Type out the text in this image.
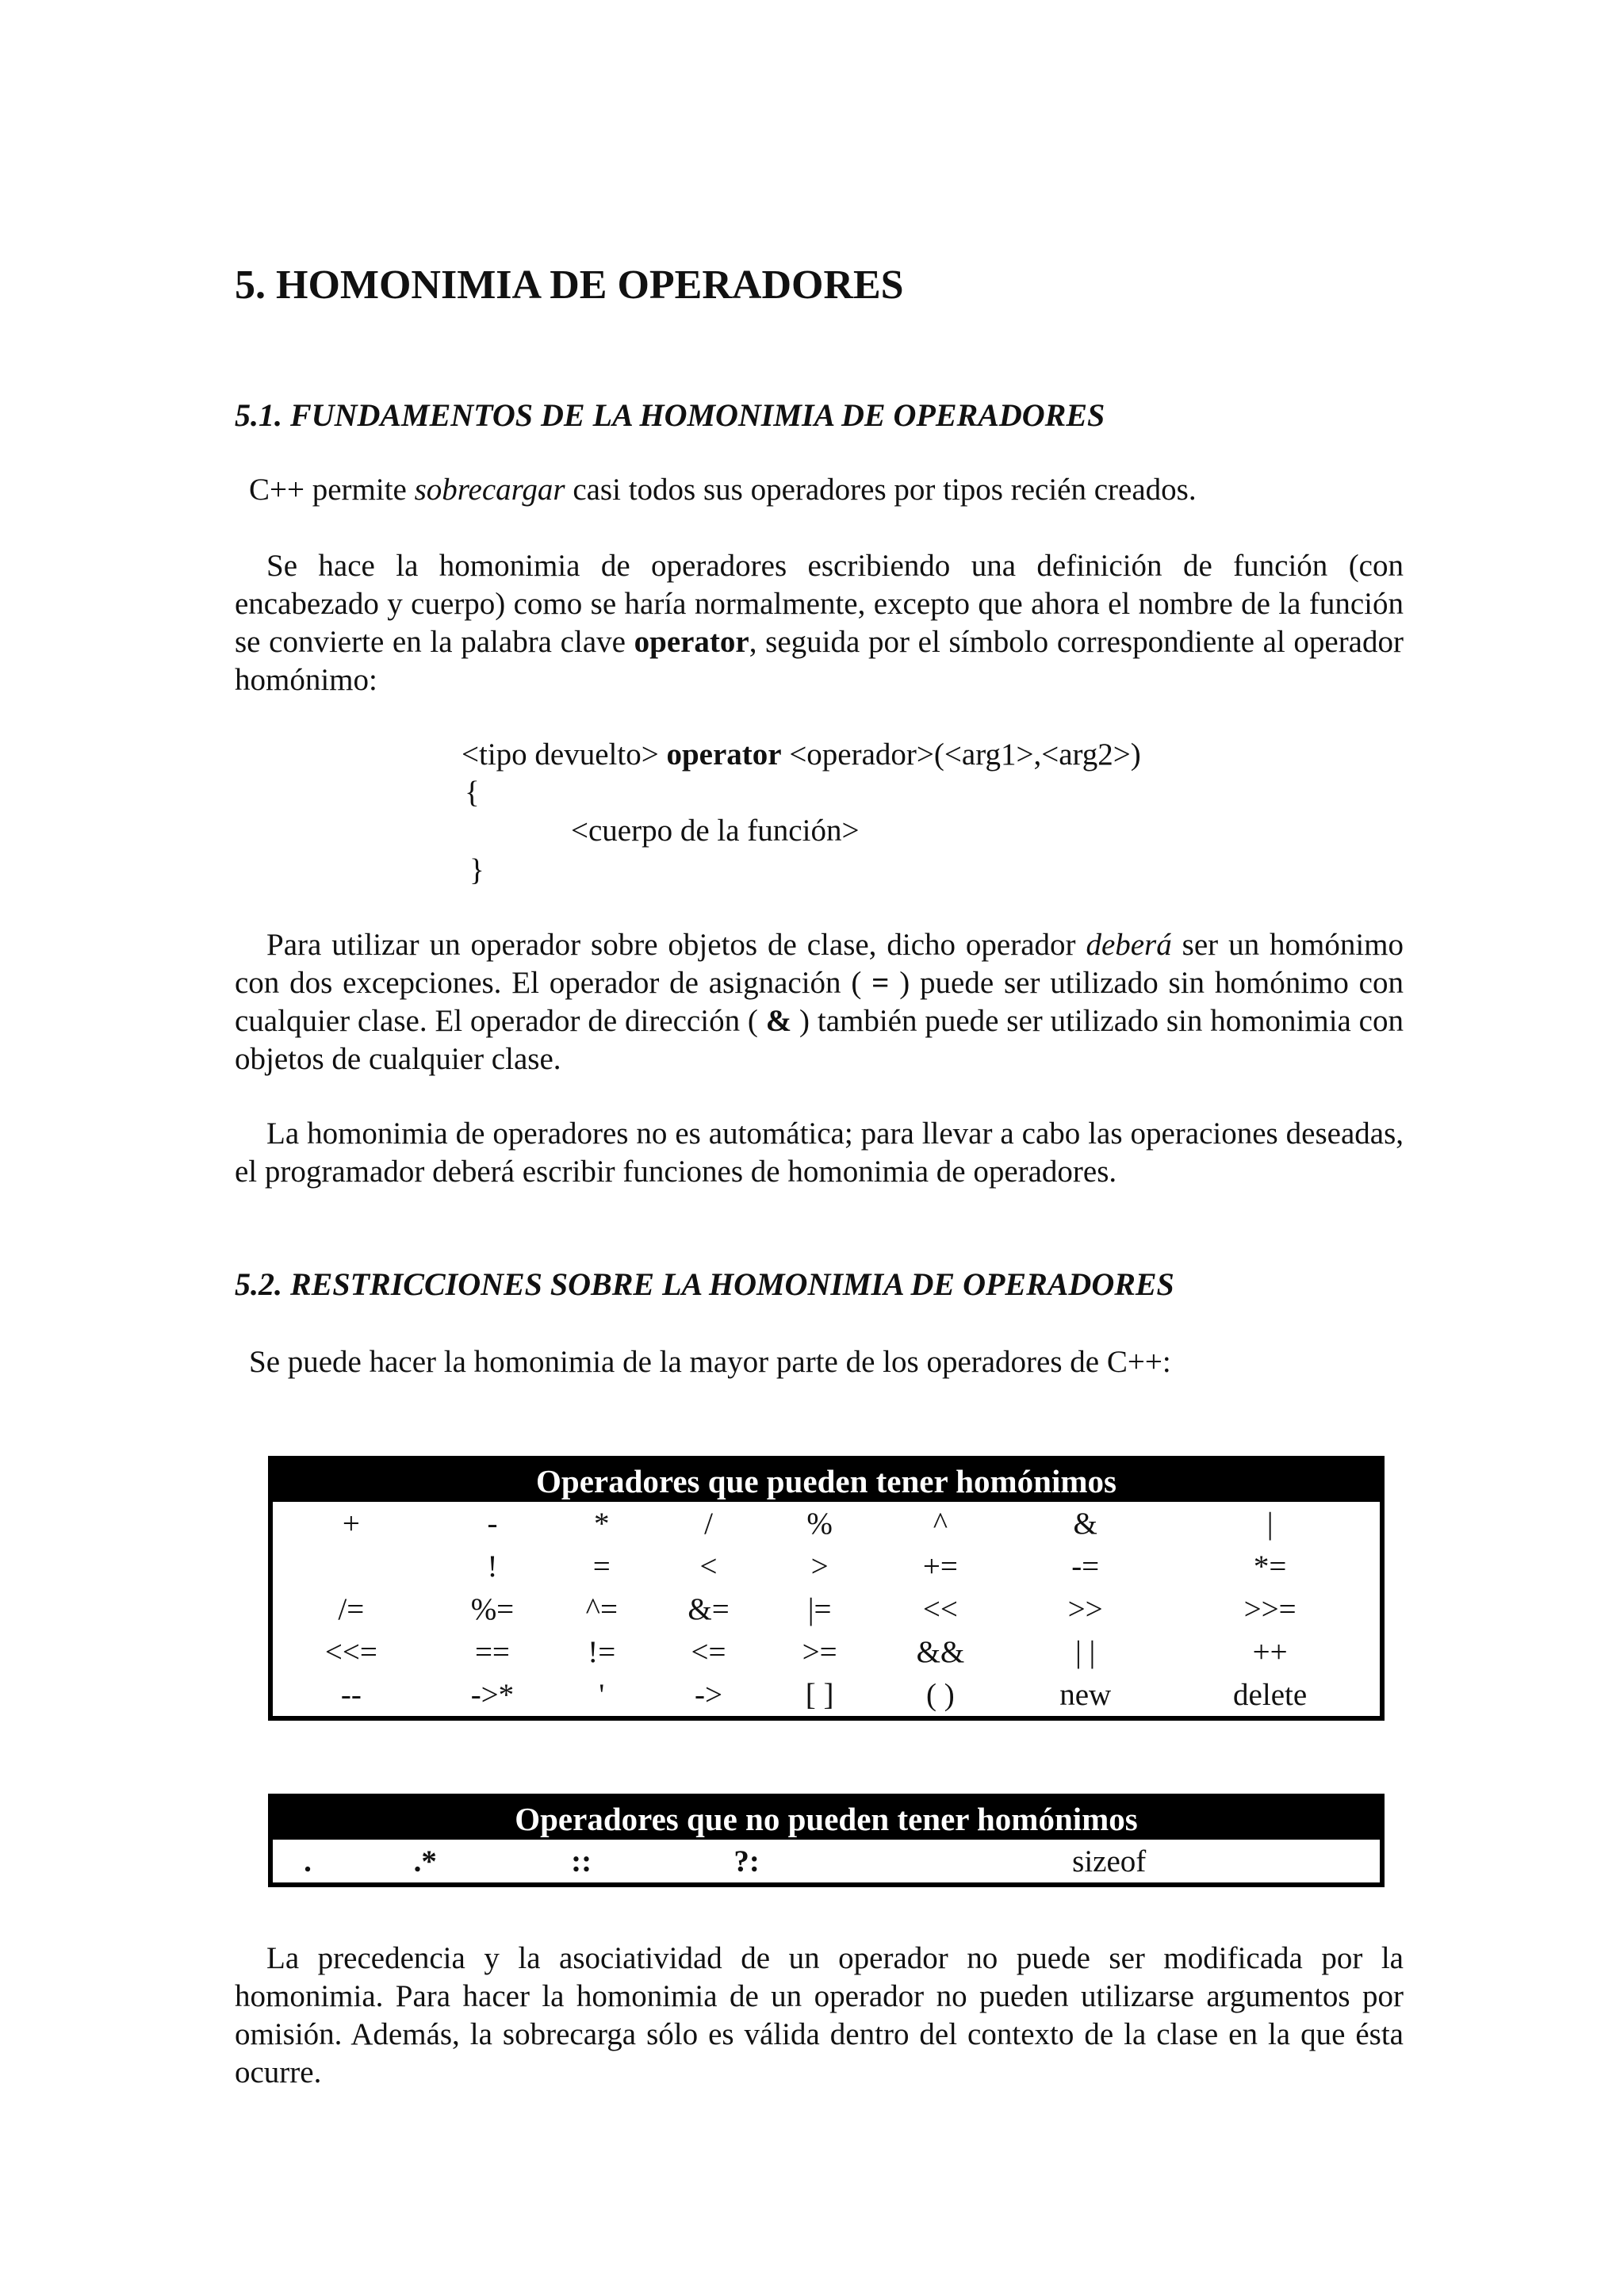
5. HOMONIMIA DE OPERADORES
5.1. FUNDAMENTOS DE LA HOMONIMIA DE OPERADORES

C++ permite sobrecargar casi todos sus operadores por tipos recién creados.

Se hace la homonimia de operadores escribiendo una definición de función (con encabezado y cuerpo) como se haría normalmente, excepto que ahora el nombre de la función se convierte en la palabra clave operator, seguida por el símbolo correspondiente al operador homónimo:

<tipo devuelto> operator <operador>(<arg1>,<arg2>)
{
<cuerpo de la función>
}

Para utilizar un operador sobre objetos de clase, dicho operador deberá ser un homónimo con dos excepciones. El operador de asignación ( = ) puede ser utilizado sin homónimo con cualquier clase. El operador de dirección ( & ) también puede ser utilizado sin homonimia con objetos de cualquier clase.

La homonimia de operadores no es automática; para llevar a cabo las operaciones deseadas, el programador deberá escribir funciones de homonimia de operadores.

5.2. RESTRICCIONES SOBRE LA HOMONIMIA DE OPERADORES

Se puede hacer la homonimia de la mayor parte de los operadores de C++:

Operadores que pueden tener homónimos							
+	-	*	/	%	^	&	|
	!	=	<	>	+=	-=	*=
/=	%=	^=	&=	|=	<<	>>	>>=
<<=	==	!=	<=	>=	&&	| |	++
--	->*	'	->	[ ]	( )	new	delete
Operadores que no pueden tener homónimos
.	.*	::	?:	sizeof

La precedencia y la asociatividad de un operador no puede ser modificada por la homonimia. Para hacer la homonimia de un operador no pueden utilizarse argumentos por omisión. Además, la sobrecarga sólo es válida dentro del contexto de la clase en la que ésta ocurre.
